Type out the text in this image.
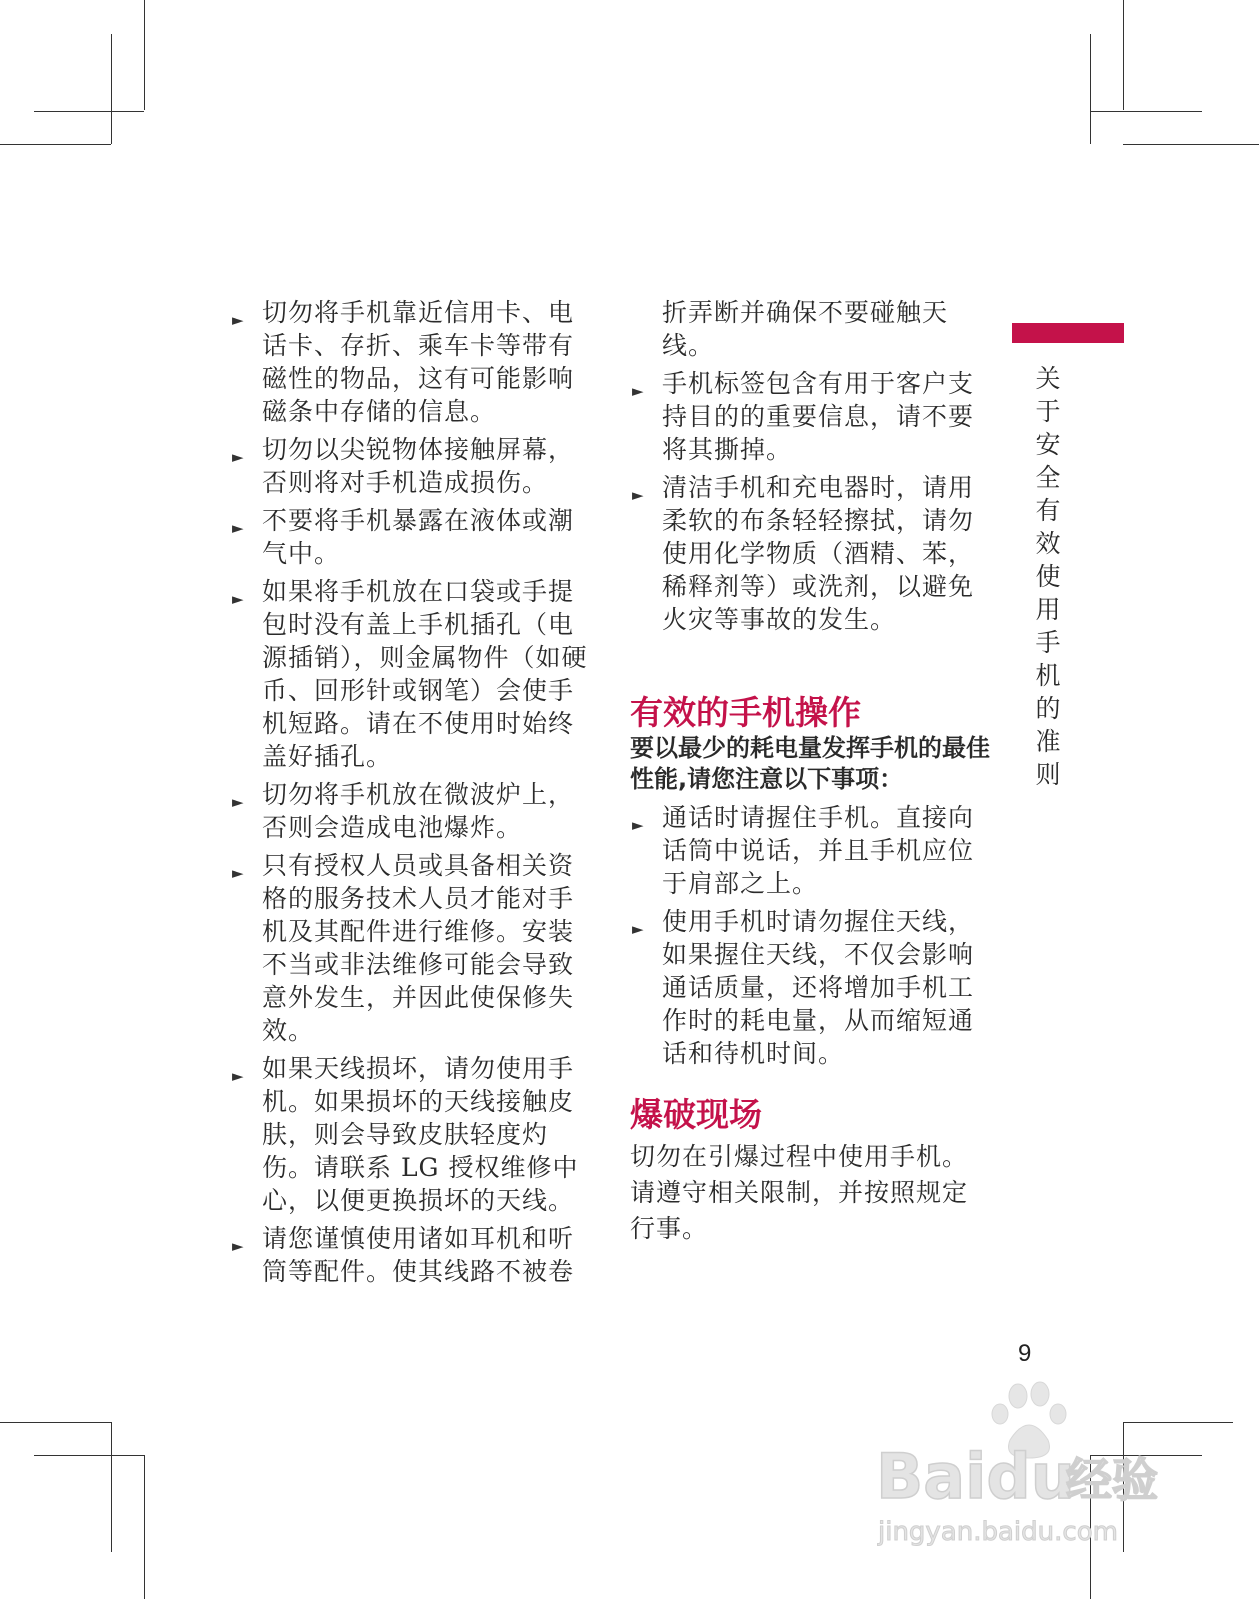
► 切勿将手机靠近信用卡、电话卡、存折、乘车卡等带有磁性的物品，这有可能影响磁条中存储的信息。
► 切勿以尖锐物体接触屏幕，否则将对手机造成损伤。
► 不要将手机暴露在液体或潮气中。
► 如果将手机放在口袋或手提包时没有盖上手机插孔（电源插销），则金属物件（如硬币、回形针或钢笔）会使手机短路。请在不使用时始终盖好插孔。
► 切勿将手机放在微波炉上，否则会造成电池爆炸。
► 只有授权人员或具备相关资格的服务技术人员才能对手机及其配件进行维修。安装不当或非法维修可能会导致意外发生，并因此使保修失效。
► 如果天线损坏，请勿使用手机。如果损坏的天线接触皮肤，则会导致皮肤轻度灼伤。请联系 LG 授权维修中心，以便更换损坏的天线。
► 请您谨慎使用诸如耳机和听筒等配件。使其线路不被卷
折弄断并确保不要碰触天线。
► 手机标签包含有用于客户支持目的的重要信息，请不要将其撕掉。
► 清洁手机和充电器时，请用柔软的布条轻轻擦拭，请勿使用化学物质（酒精、苯，稀释剂等）或洗剂，以避免火灾等事故的发生。
有效的手机操作

要以最少的耗电量发挥手机的最佳性能,请您注意以下事项：

► 通话时请握住手机。直接向话筒中说话，并且手机应位于肩部之上。
► 使用手机时请勿握住天线，如果握住天线，不仅会影响通话质量，还将增加手机工作时的耗电量，从而缩短通话和待机时间。
爆破现场

切勿在引爆过程中使用手机。请遵守相关限制，并按照规定行事。

关于安全有效使用手机的准则
9
Baidu
经验
jingyan.baidu.com
